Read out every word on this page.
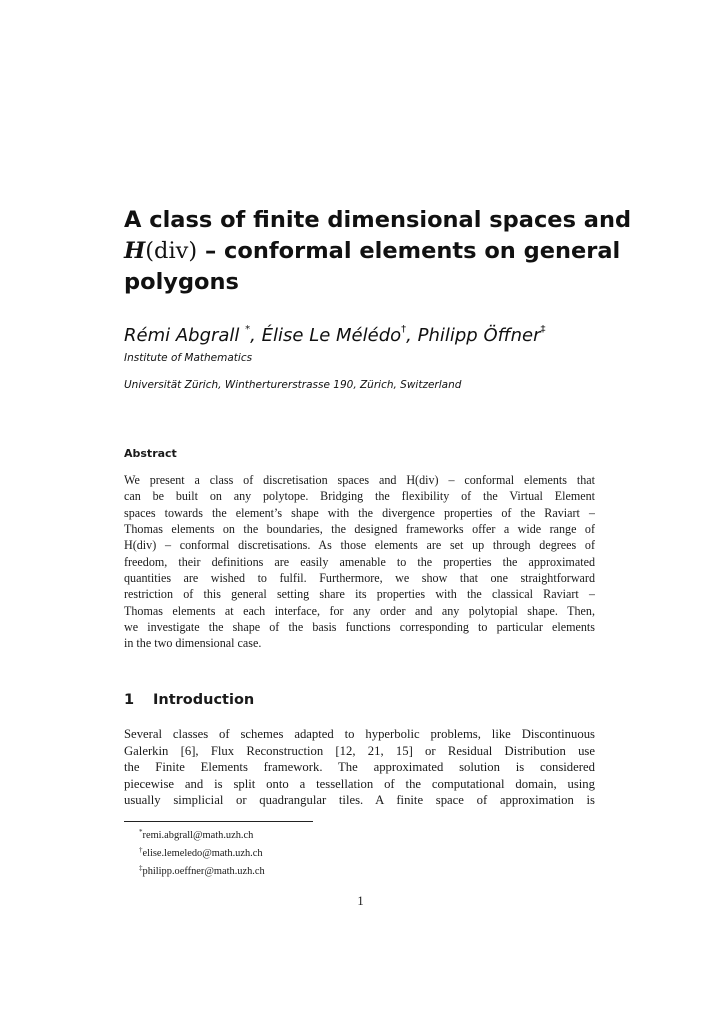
A class of finite dimensional spaces and
H(div) – conformal elements on general
polygons
Rémi Abgrall *, Élise Le Mélédo†, Philipp Öffner‡
Institute of Mathematics
Universität Zürich, Wintherturerstrasse 190, Zürich, Switzerland
Abstract
We present a class of discretisation spaces and H(div) – conformal elements that
can be built on any polytope. Bridging the flexibility of the Virtual Element
spaces towards the element’s shape with the divergence properties of the Raviart –
Thomas elements on the boundaries, the designed frameworks offer a wide range of
H(div) – conformal discretisations. As those elements are set up through degrees of
freedom, their definitions are easily amenable to the properties the approximated
quantities are wished to fulfil. Furthermore, we show that one straightforward
restriction of this general setting share its properties with the classical Raviart –
Thomas elements at each interface, for any order and any polytopial shape. Then,
we investigate the shape of the basis functions corresponding to particular elements
in the two dimensional case.
1 Introduction
Several classes of schemes adapted to hyperbolic problems, like Discontinuous
Galerkin [6], Flux Reconstruction [12, 21, 15] or Residual Distribution use
the Finite Elements framework. The approximated solution is considered
piecewise and is split onto a tessellation of the computational domain, using
usually simplicial or quadrangular tiles. A finite space of approximation is
*remi.abgrall@math.uzh.ch
†elise.lemeledo@math.uzh.ch
‡philipp.oeffner@math.uzh.ch
1
